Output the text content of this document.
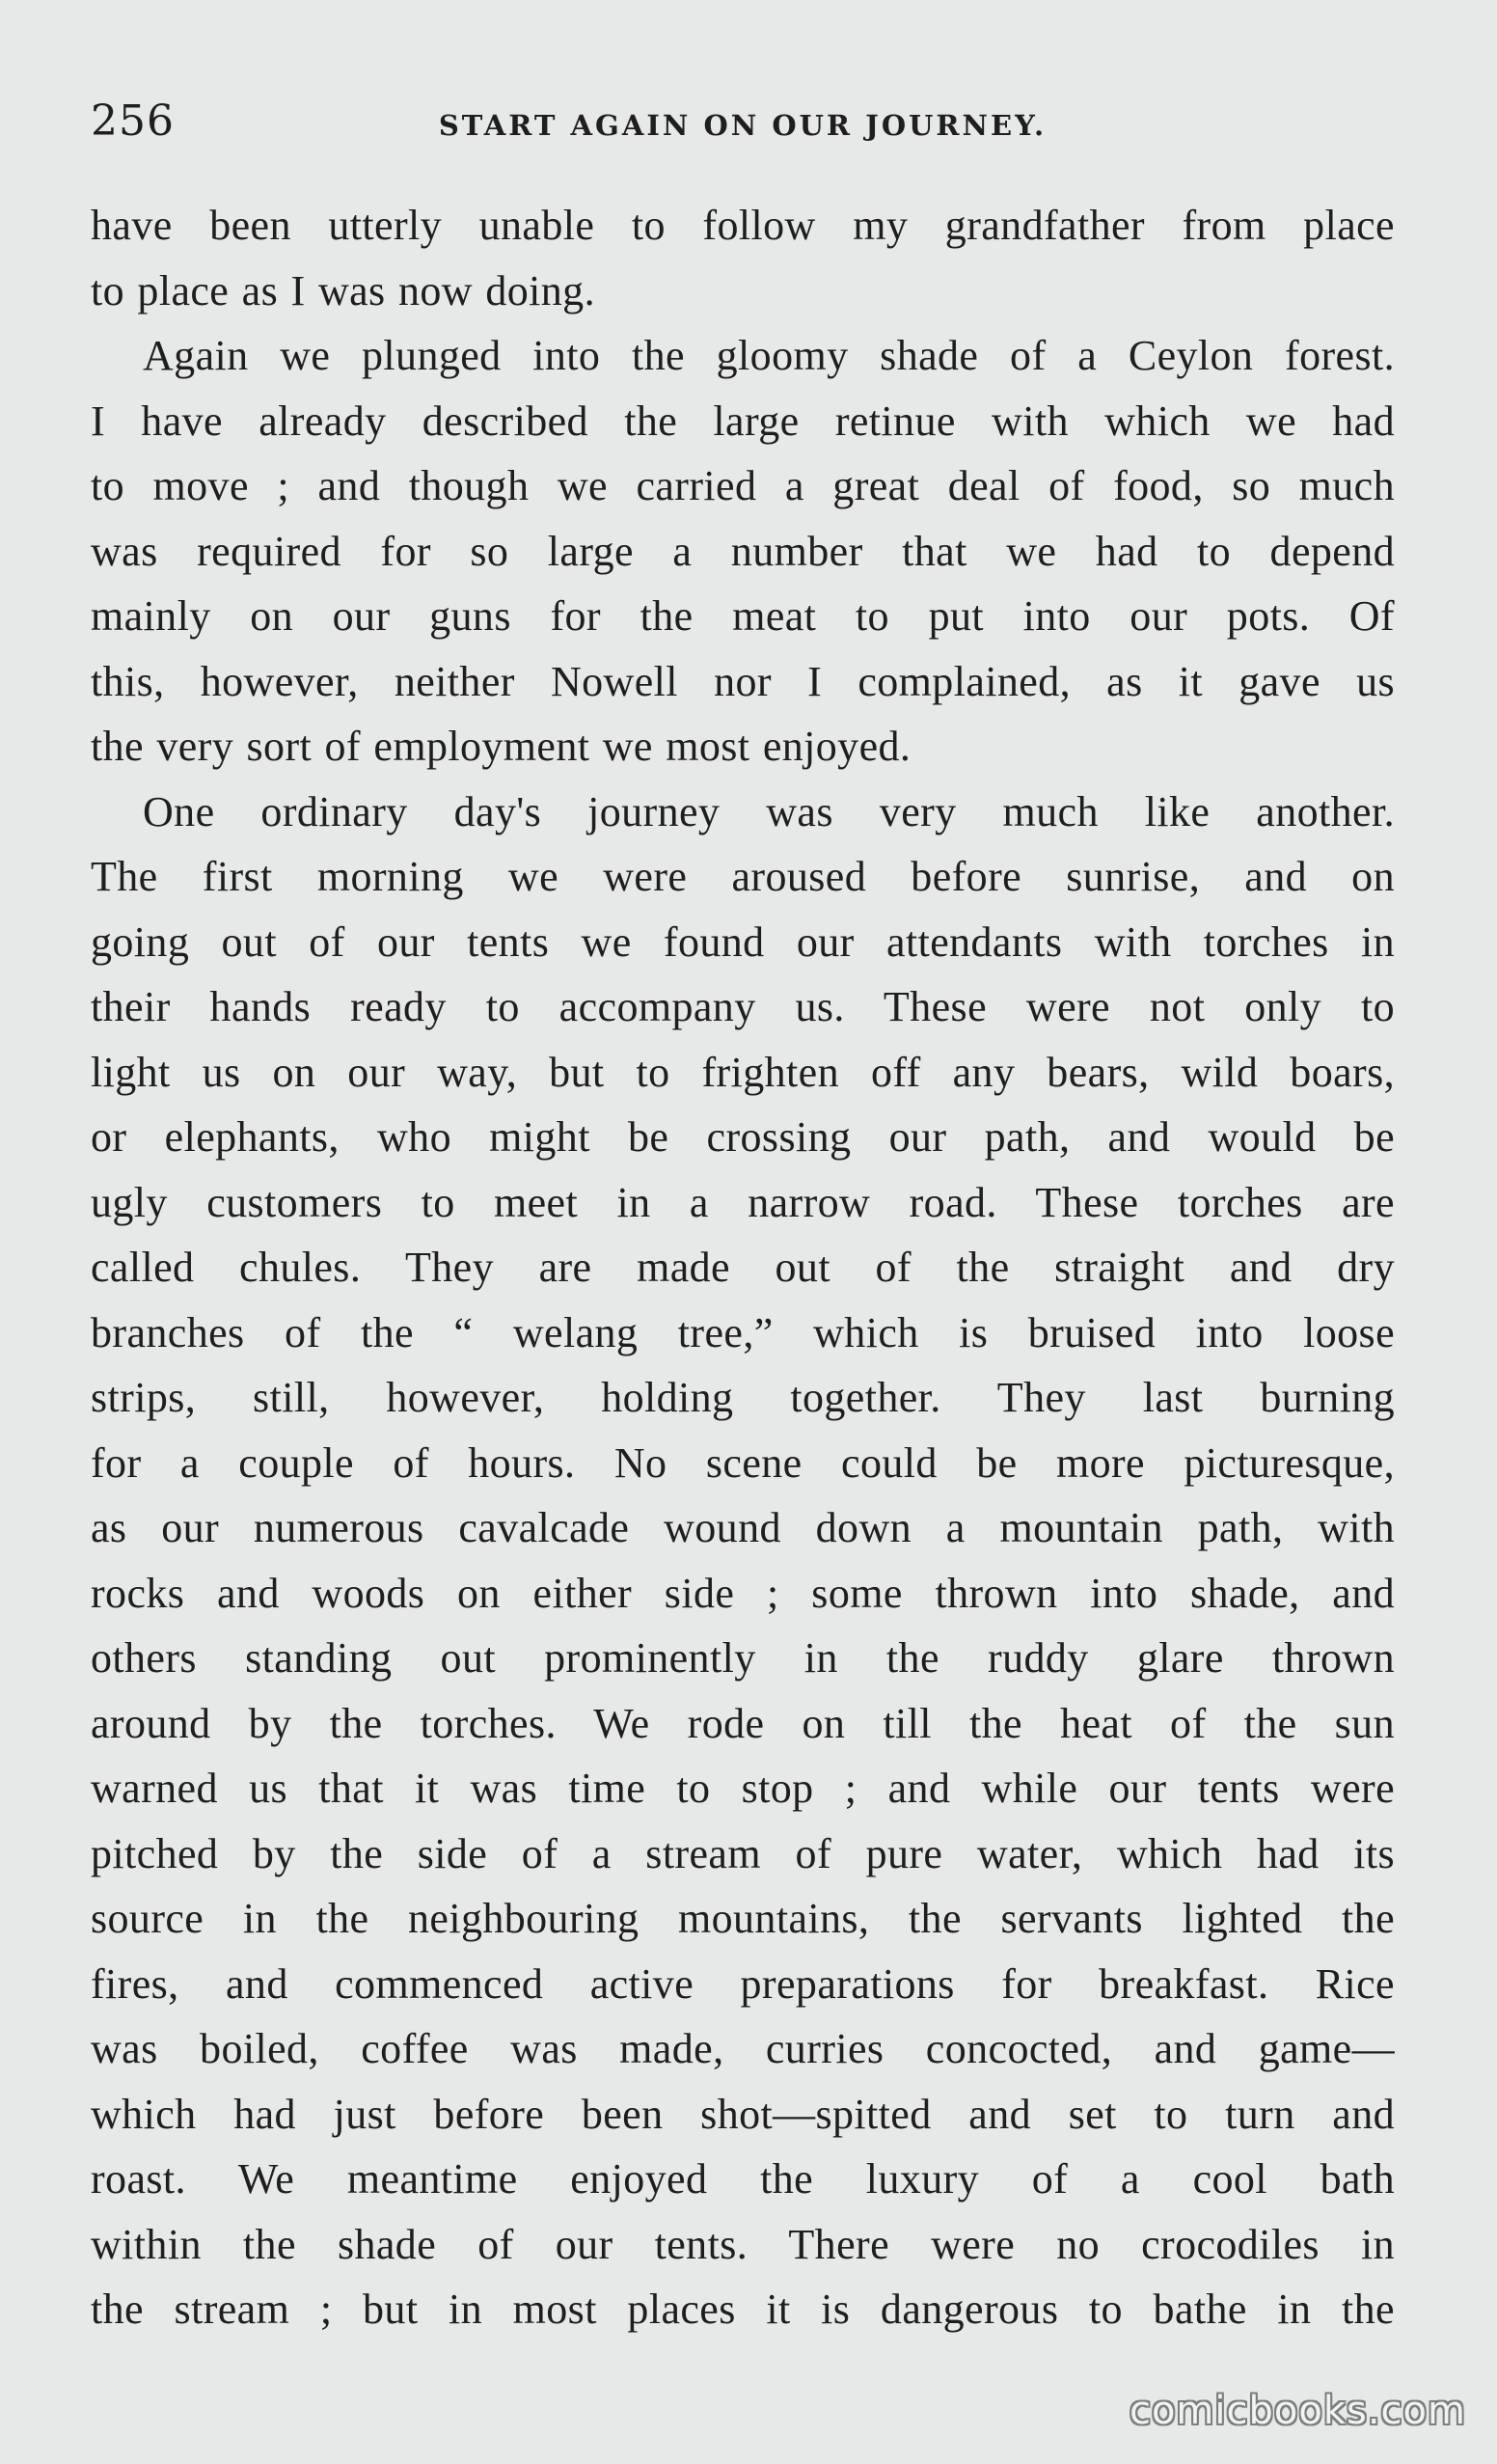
256	START AGAIN ON OUR JOURNEY.
have been utterly unable to follow my grandfather from place
to place as I was now doing.
Again we plunged into the gloomy shade of a Ceylon forest.
I have already described the large retinue with which we had
to move ; and though we carried a great deal of food, so much
was required for so large a number that we had to depend
mainly on our guns for the meat to put into our pots. Of
this, however, neither Nowell nor I complained, as it gave us
the very sort of employment we most enjoyed.
One ordinary day's journey was very much like another.
The first morning we were aroused before sunrise, and on
going out of our tents we found our attendants with torches in
their hands ready to accompany us. These were not only to
light us on our way, but to frighten off any bears, wild boars,
or elephants, who might be crossing our path, and would be
ugly customers to meet in a narrow road. These torches are
called chules. They are made out of the straight and dry
branches of the “ welang tree,” which is bruised into loose
strips, still, however, holding together. They last burning
for a couple of hours. No scene could be more picturesque,
as our numerous cavalcade wound down a mountain path, with
rocks and woods on either side ; some thrown into shade, and
others standing out prominently in the ruddy glare thrown
around by the torches. We rode on till the heat of the sun
warned us that it was time to stop ; and while our tents were
pitched by the side of a stream of pure water, which had its
source in the neighbouring mountains, the servants lighted the
fires, and commenced active preparations for breakfast. Rice
was boiled, coffee was made, curries concocted, and game—
which had just before been shot—spitted and set to turn and
roast. We meantime enjoyed the luxury of a cool bath
within the shade of our tents. There were no crocodiles in
the stream ; but in most places it is dangerous to bathe in the
comicbooks.com
